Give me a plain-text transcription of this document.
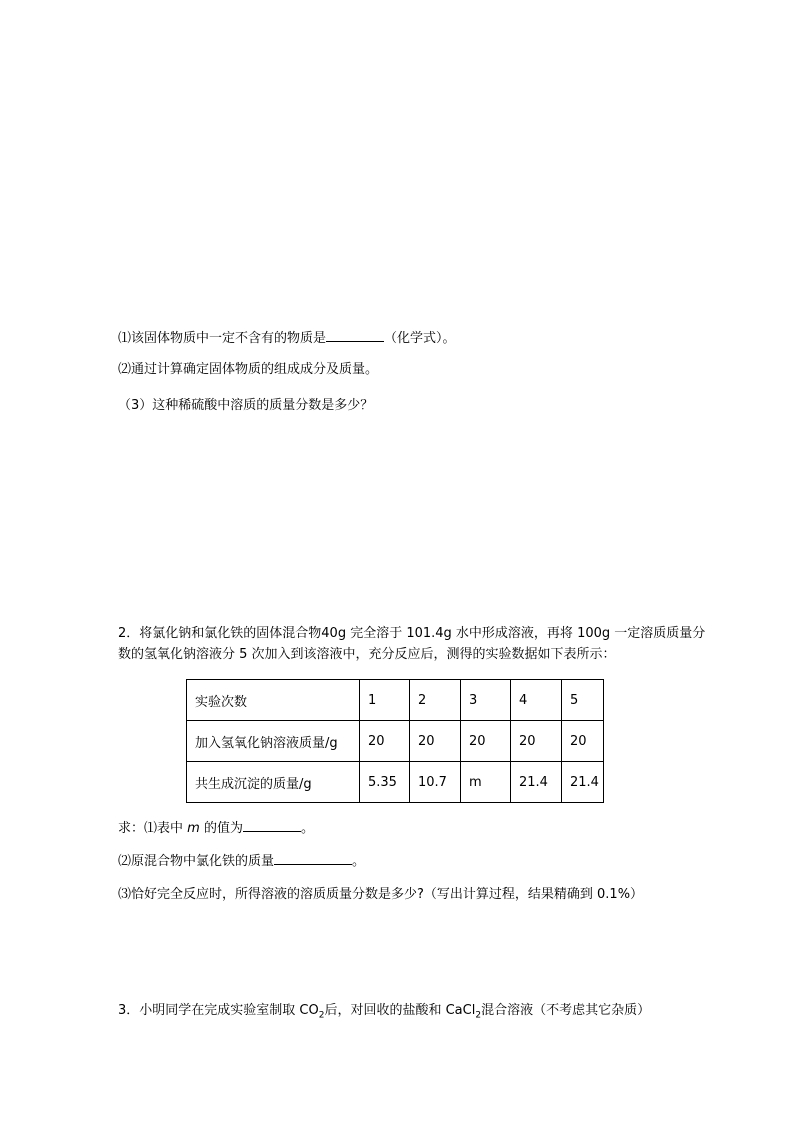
⑴该固体物质中一定不含有的物质是	（化学式）。
⑵通过计算确定固体物质的组成成分及质量。
（3）这种稀硫酸中溶质的质量分数是多少？
2．将氯化钠和氯化铁的固体混合物40g 完全溶于 101.4g 水中形成溶液，再将 100g 一定溶质质量分
数的氢氧化钠溶液分 5 次加入到该溶液中，充分反应后，测得的实验数据如下表所示：
实验次数	1	2	3	4	5
加入氢氧化钠溶液质量/g	20	20	20	20	20
共生成沉淀的质量/g	5.35	10.7	m	21.4	21.4
求：⑴表中 m 的值为	。
⑵原混合物中氯化铁的质量	。
⑶恰好完全反应时，所得溶液的溶质质量分数是多少?（写出计算过程，结果精确到 0.1%）
3．小明同学在完成实验室制取 $CO_2$后，对回收的盐酸和 CaCl$_2$混合溶液（不考虑其它杂质）
